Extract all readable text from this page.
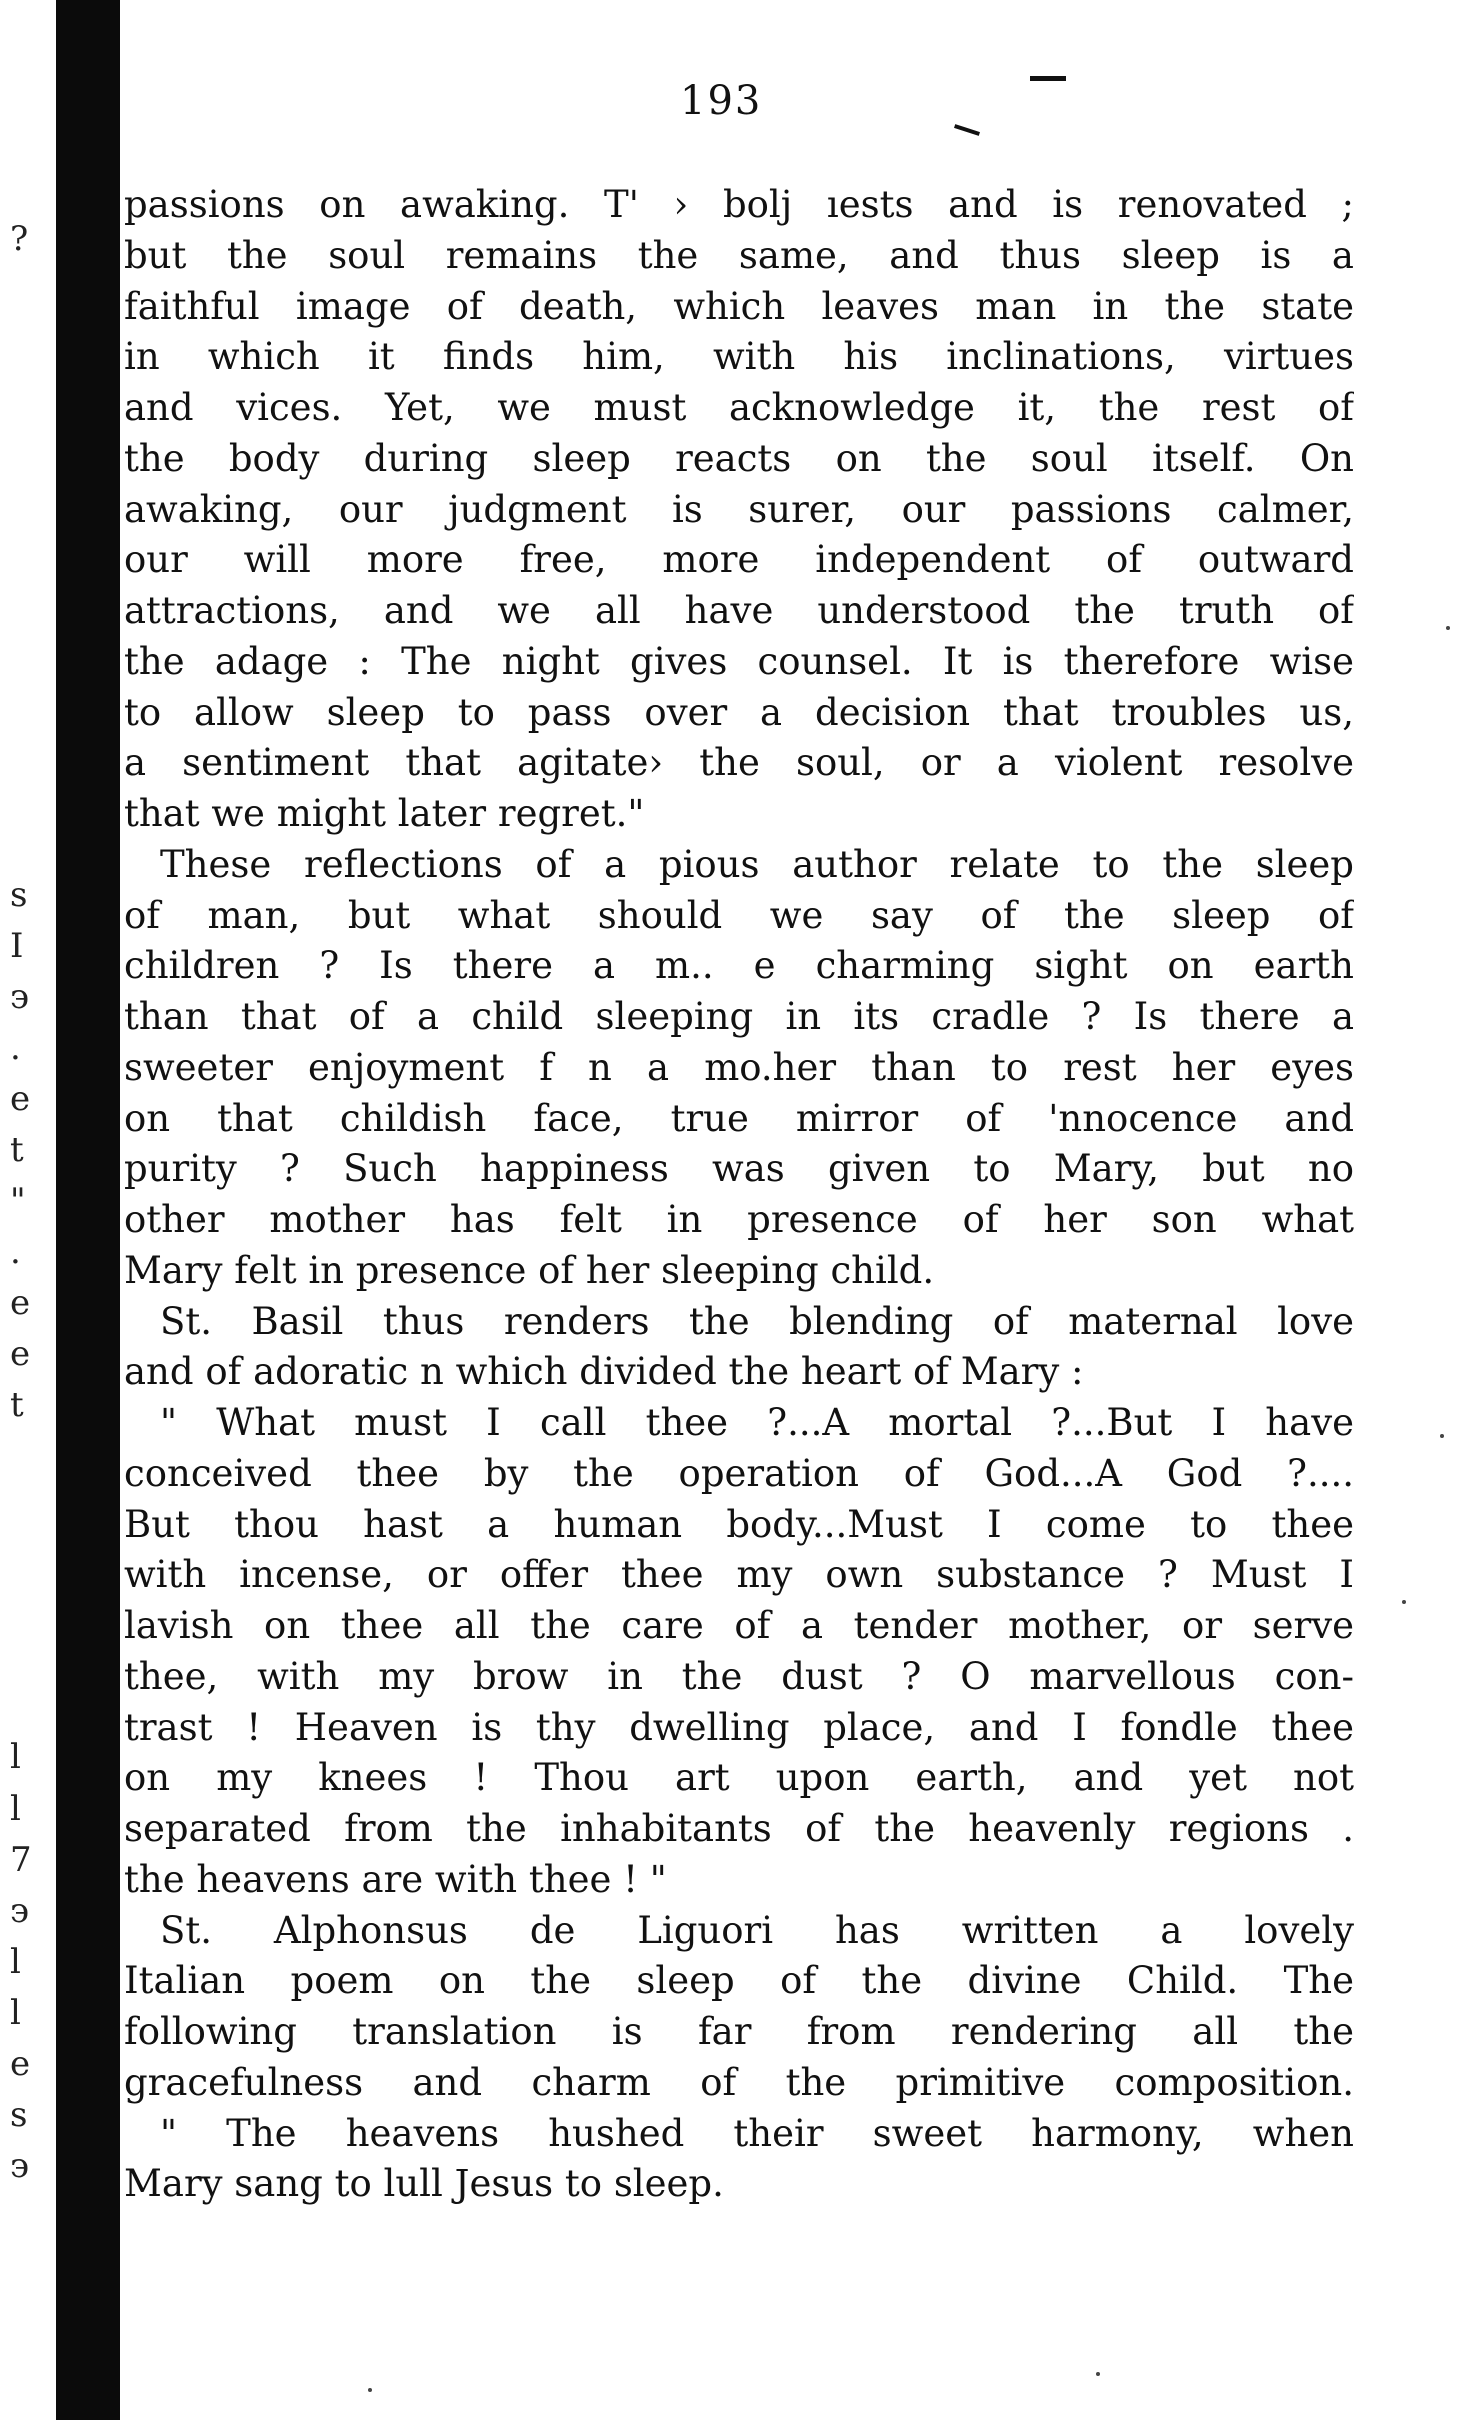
193
?
s
I
э
.
e
t
"
.
e
e
t
l
l
7
э
l
l
e
s
э
passions on awaking. T' › bolj ıests and is renovated ;
but the soul remains the same, and thus sleep is a
faithful image of death, which leaves man in the state
in which it finds him, with his inclinations, virtues
and vices. Yet, we must acknowledge it, the rest of
the body during sleep reacts on the soul itself. On
awaking, our judgment is surer, our passions calmer,
our will more free, more independent of outward
attractions, and we all have understood the truth of
the adage : The night gives counsel. It is therefore wise
to allow sleep to pass over a decision that troubles us,
a sentiment that agitate› the soul, or a violent resolve
that we might later regret."
These reflections of a pious author relate to the sleep
of man, but what should we say of the sleep of
children ? Is there a m.. e charming sight on earth
than that of a child sleeping in its cradle ? Is there a
sweeter enjoyment f n a mo.her than to rest her eyes
on that childish face, true mirror of 'nnocence and
purity ? Such happiness was given to Mary, but no
other mother has felt in presence of her son what
Mary felt in presence of her sleeping child.
St. Basil thus renders the blending of maternal love
and of adoratic n which divided the heart of Mary :
" What must I call thee ?...A mortal ?...But I have
conceived thee by the operation of God...A God ?....
But thou hast a human body...Must I come to thee
with incense, or offer thee my own substance ? Must I
lavish on thee all the care of a tender mother, or serve
thee, with my brow in the dust ? O marvellous con-
trast ! Heaven is thy dwelling place, and I fondle thee
on my knees ! Thou art upon earth, and yet not
separated from the inhabitants of the heavenly regions .
the heavens are with thee ! "
St. Alphonsus de Liguori has written a lovely
Italian poem on the sleep of the divine Child. The
following translation is far from rendering all the
gracefulness and charm of the primitive composition.
" The heavens hushed their sweet harmony, when
Mary sang to lull Jesus to sleep.
